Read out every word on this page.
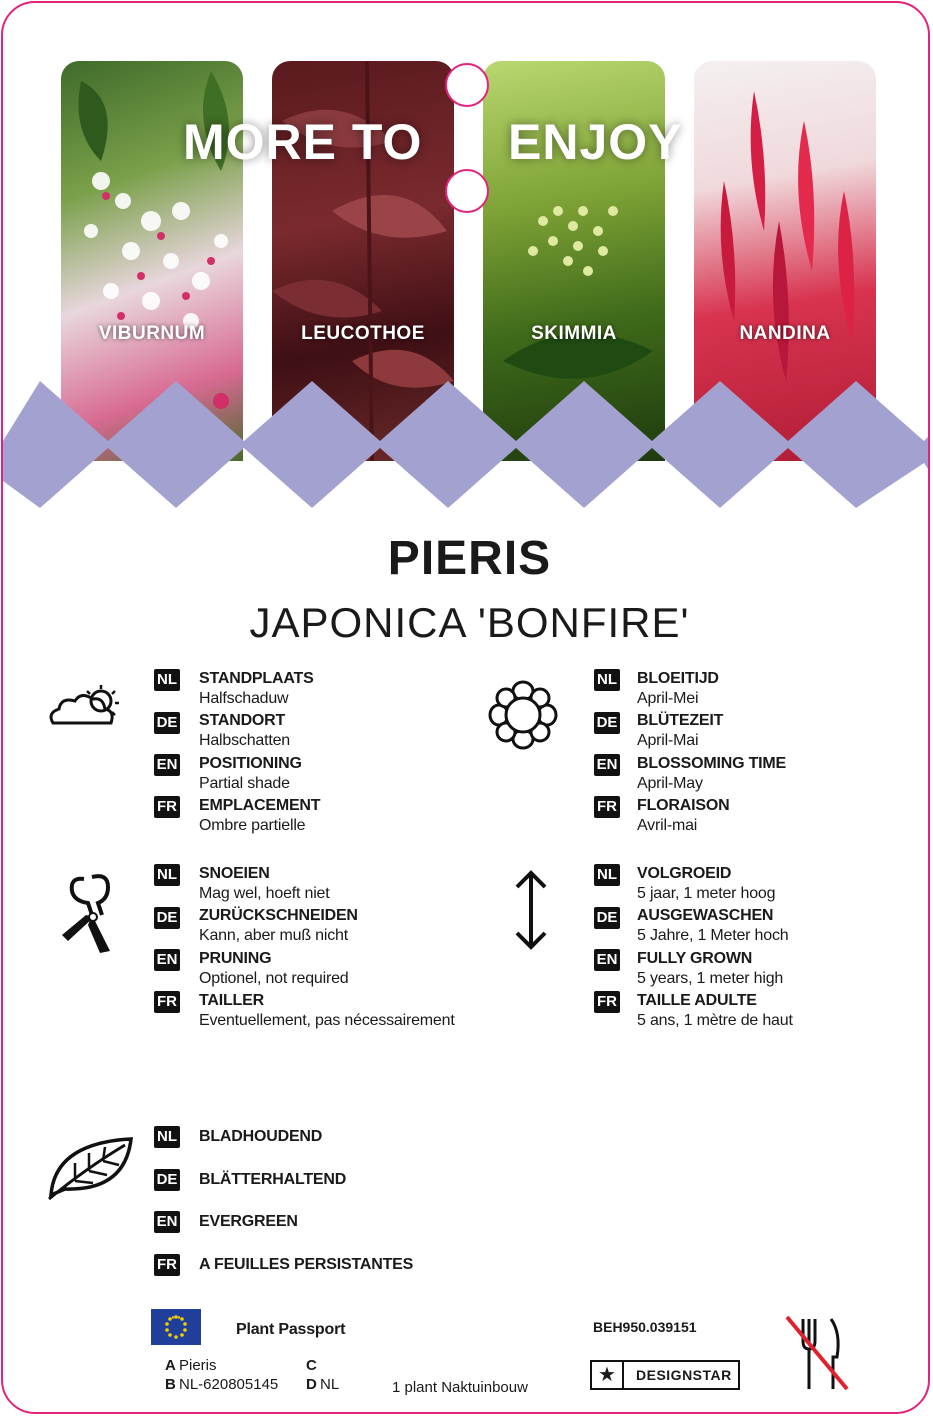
VIBURNUM	LEUCOTHOE	SKIMMIA	NANDINA
MORE TO ENJOY
PIERIS
JAPONICA 'BONFIRE'
NL STANDPLAATS
Halfschaduw
DE STANDORT
Halbschatten
EN POSITIONING
Partial shade
FR EMPLACEMENT
Ombre partielle
NL BLOEITIJD
April-Mei
DE BLÜTEZEIT
April-Mai
EN BLOSSOMING TIME
April-May
FR FLORAISON
Avril-mai
NL SNOEIEN
Mag wel, hoeft niet
DE ZURÜCKSCHNEIDEN
Kann, aber muß nicht
EN PRUNING
Optionel, not required
FR TAILLER
Eventuellement, pas nécessairement
NL VOLGROEID
5 jaar, 1 meter hoog
DE AUSGEWASCHEN
5 Jahre, 1 Meter hoch
EN FULLY GROWN
5 years, 1 meter high
FR TAILLE ADULTE
5 ans, 1 mètre de haut
NL BLADHOUDEND
DE BLÄTTERHALTEND
EN EVERGREEN
FR A FEUILLES PERSISTANTES
Plant Passport
A Pieris
B NL-620805145
C
D NL	1 plant Naktuinbouw
BEH950.039151
★	DESIGNSTAR
